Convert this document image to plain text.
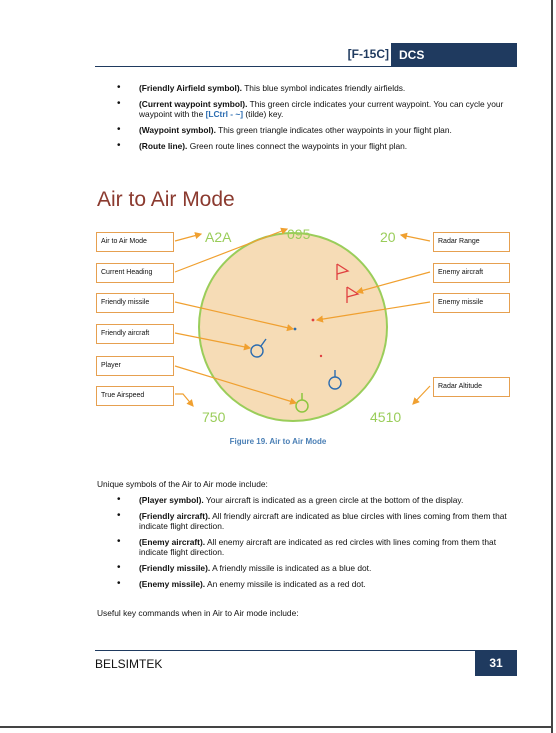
[F-15C] DCS
• (Friendly Airfield symbol). This blue symbol indicates friendly airfields.
• (Current waypoint symbol). This green circle indicates your current waypoint. You can cycle your waypoint with the [LCtrl - ~] (tilde) key.
• (Waypoint symbol). This green triangle indicates other waypoints in your flight plan.
• (Route line). Green route lines connect the waypoints in your flight plan.
Air to Air Mode
A2A	095	20
750	4510
Air to Air Mode
Current Heading
Friendly missile
Friendly aircraft
Player
True Airspeed
Radar Range
Enemy aircraft
Enemy missile
Radar Altitude
Figure 19. Air to Air Mode
Unique symbols of the Air to Air mode include:
• (Player symbol). Your aircraft is indicated as a green circle at the bottom of the display.
• (Friendly aircraft). All friendly aircraft are indicated as blue circles with lines coming from them that indicate flight direction.
• (Enemy aircraft). All enemy aircraft are indicated as red circles with lines coming from them that indicate flight direction.
• (Friendly missile). A friendly missile is indicated as a blue dot.
• (Enemy missile). An enemy missile is indicated as a red dot.
Useful key commands when in Air to Air mode include:
BELSIMTEK	31
